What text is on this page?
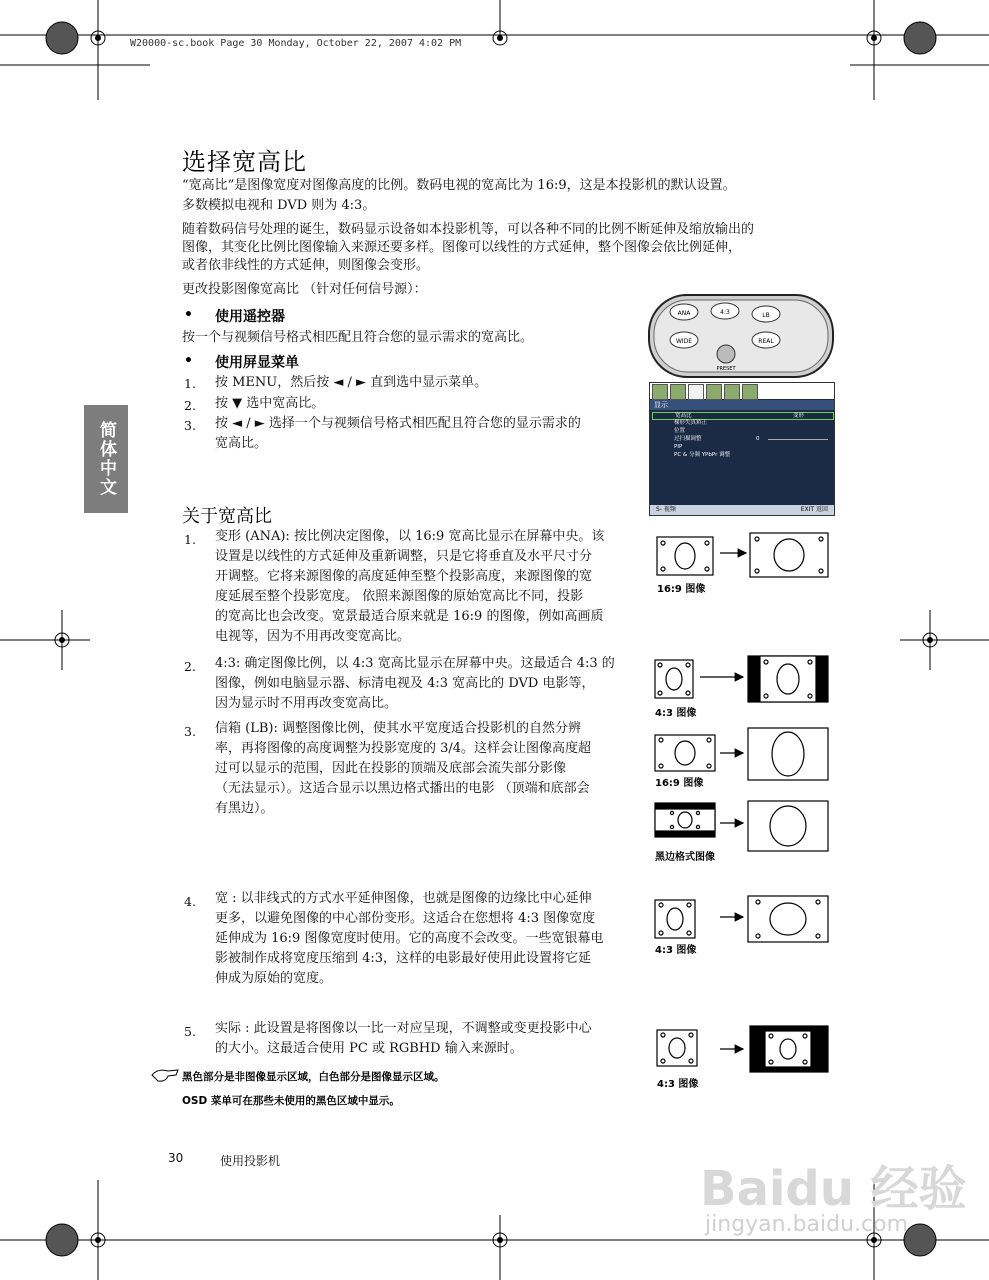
W20000-sc.book Page 30 Monday, October 22, 2007 4:02 PM
简体中文
选择宽高比
“宽高比”是图像宽度对图像高度的比例。数码电视的宽高比为 16:9，这是本投影机的默认设置。
多数模拟电视和 DVD 则为 4:3。
随着数码信号处理的诞生，数码显示设备如本投影机等，可以各种不同的比例不断延伸及缩放输出的
图像，其变化比例比图像输入来源还要多样。图像可以线性的方式延伸，整个图像会依比例延伸，
或者依非线性的方式延伸，则图像会变形。
更改投影图像宽高比 （针对任何信号源）：
• 使用遥控器
按一个与视频信号格式相匹配且符合您的显示需求的宽高比。
• 使用屏显菜单
1. 按 MENU，然后按 ◄ / ► 直到选中显示菜单。
2. 按 ▼ 选中宽高比。
3. 按 ◄ / ► 选择一个与视频信号格式相匹配且符合您的显示需求的
宽高比。
ANA	4:3	LB
WIDE	REAL
PRESET
显示
宽高比	变形
梯形失真矫正
位置
过扫描调整	0
PIP
PC & 分频 YPbPr 调整
S- 视频	EXIT 返回
关于宽高比
1. 变形 (ANA): 按比例决定图像，以 16:9 宽高比显示在屏幕中央。该
设置是以线性的方式延伸及重新调整，只是它将垂直及水平尺寸分
开调整。它将来源图像的高度延伸至整个投影高度，来源图像的宽
度延展至整个投影宽度。 依照来源图像的原始宽高比不同，投影
的宽高比也会改变。宽景最适合原来就是 16:9 的图像，例如高画质
电视等，因为不用再改变宽高比。
2. 4:3: 确定图像比例，以 4:3 宽高比显示在屏幕中央。这最适合 4:3 的
图像，例如电脑显示器、标清电视及 4:3 宽高比的 DVD 电影等，
因为显示时不用再改变宽高比。
3. 信箱 (LB): 调整图像比例，使其水平宽度适合投影机的自然分辨
率，再将图像的高度调整为投影宽度的 3/4。这样会让图像高度超
过可以显示的范围，因此在投影的顶端及底部会流失部分影像
（无法显示）。这适合显示以黑边格式播出的电影 （顶端和底部会
有黑边）。
4. 宽 : 以非线式的方式水平延伸图像，也就是图像的边缘比中心延伸
更多，以避免图像的中心部份变形。这适合在您想将 4:3 图像宽度
延伸成为 16:9 图像宽度时使用。它的高度不会改变。一些宽银幕电
影被制作成将宽度压缩到 4:3，这样的电影最好使用此设置将它延
伸成为原始的宽度。
5. 实际 : 此设置是将图像以一比一对应呈现，不调整或变更投影中心
的大小。这最适合使用 PC 或 RGBHD 输入来源时。
16:9 图像
4:3 图像
16:9 图像
黑边格式图像
4:3 图像
4:3 图像
黑色部分是非图像显示区域，白色部分是图像显示区域。
OSD 菜单可在那些未使用的黑色区域中显示。
30	使用投影机	Baidu 经验
jingyan.baidu.com
